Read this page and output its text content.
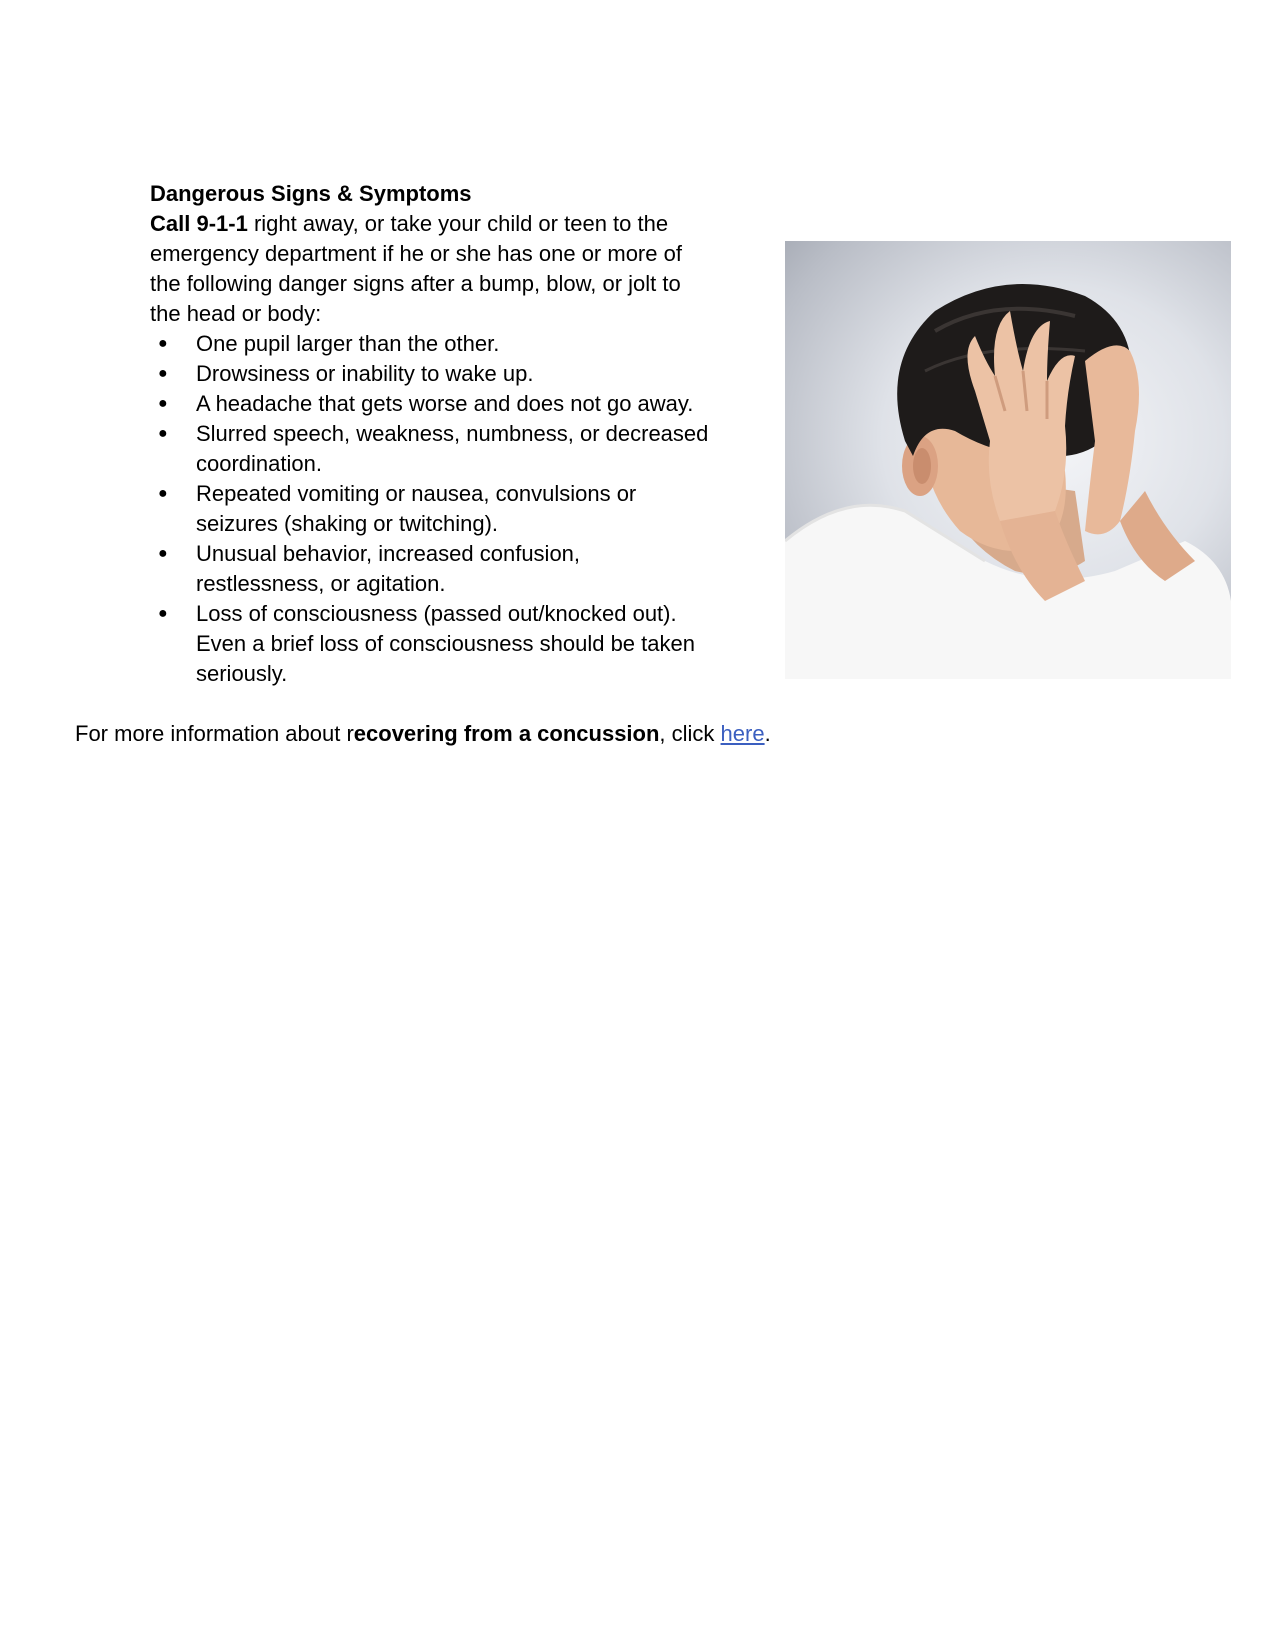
Dangerous Signs & Symptoms

Call 9-1-1 right away, or take your child or teen to the emergency department if he or she has one or more of the following danger signs after a bump, blow, or jolt to the head or body:

● One pupil larger than the other.
● Drowsiness or inability to wake up.
● A headache that gets worse and does not go away.
● Slurred speech, weakness, numbness, or decreased coordination.
● Repeated vomiting or nausea, convulsions or seizures (shaking or twitching).
● Unusual behavior, increased confusion, restlessness, or agitation.
● Loss of consciousness (passed out/knocked out). Even a brief loss of consciousness should be taken seriously.
For more information about recovering from a concussion, click here.
